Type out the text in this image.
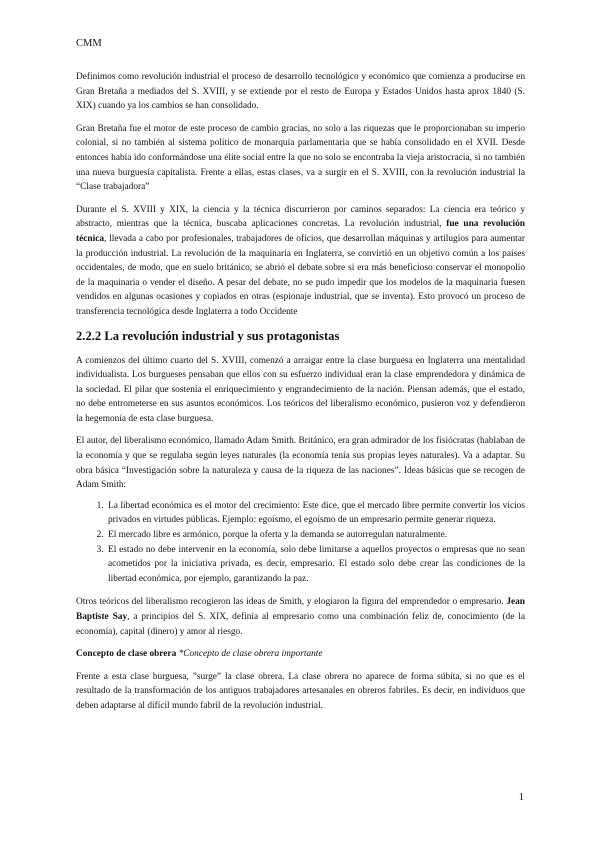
CMM

Definimos como revolución industrial el proceso de desarrollo tecnológico y económico que comienza a producirse en Gran Bretaña a mediados del S. XVIII, y se extiende por el resto de Europa y Estados Unidos hasta aprox 1840 (S. XIX) cuando ya los cambios se han consolidado.

Gran Bretaña fue el motor de este proceso de cambio gracias, no solo a las riquezas que le proporcionaban su imperio colonial, si no también al sistema político de monarquía parlamentaria que se había consolidado en el XVII. Desde entonces había ido conformándose una élite social entre la que no solo se encontraba la vieja aristocracia, si no también una nueva burguesía capitalista. Frente a ellas, estas clases, va a surgir en el S. XVIII, con la revolución industrial la “Clase trabajadora”

Durante el S. XVIII y XIX, la ciencia y la técnica discurrieron por caminos separados: La ciencia era teórico y abstracto, mientras que la técnica, buscaba aplicaciones concretas. La revolución industrial, fue una revolución técnica, llevada a cabo por profesionales, trabajadores de oficios, que desarrollan máquinas y artilugios para aumentar la producción industrial. La revolución de la maquinaria en Inglaterra, se convirtió en un objetivo común a los países occidentales, de modo, que en suelo británico, se abrió el debate sobre si era más beneficioso conservar el monopolio de la maquinaria o vender el diseño. A pesar del debate, no se pudo impedir que los modelos de la maquinaria fuesen vendidos en algunas ocasiones y copiados en otras (espionaje industrial, que se inventa). Esto provocó un proceso de transferencia tecnológica desde Inglaterra a todo Occidente

2.2.2 La revolución industrial y sus protagonistas

A comienzos del último cuarto del S. XVIII, comenzó a arraigar entre la clase burguesa en Inglaterra una mentalidad individualista. Los burgueses pensaban que ellos con su esfuerzo individual eran la clase emprendedora y dinámica de la sociedad. El pilar que sostenía el enriquecimiento y engrandecimiento de la nación. Piensan además, que el estado, no debe entrometerse en sus asuntos económicos. Los teóricos del liberalismo económico, pusieron voz y defendieron la hegemonía de esta clase burguesa.

El autor, del liberalismo económico, llamado Adam Smith. Británico, era gran admirador de los fisiócratas (hablaban de la economía y que se regulaba según leyes naturales (la economía tenía sus propias leyes naturales). Va a adaptar. Su obra básica “Investigación sobre la naturaleza y causa de la riqueza de las naciones”. Ideas básicas que se recogen de Adam Smith:

1. La libertad económica es el motor del crecimiento: Este dice, que el mercado libre permite convertir los vicios privados en virtudes públicas. Ejemplo: egoísmo, el egoísmo de un empresario permite generar riqueza.
2. El mercado libre es armónico, porque la oferta y la demanda se autorregulan naturalmente.
3. El estado no debe intervenir en la economía, solo debe limitarse a aquellos proyectos o empresas que no sean acometidos por la iniciativa privada, es decir, empresario. El estado solo debe crear las condiciones de la libertad económica, por ejemplo, garantizando la paz.

Otros teóricos del liberalismo recogieron las ideas de Smith, y elogiaron la figura del emprendedor o empresario. Jean Baptiste Say, a principios del S. XIX, definía al empresario como una combinación feliz de, conocimiento (de la economía), capital (dinero) y amor al riesgo.

Concepto de clase obrera *Concepto de clase obrera importante

Frente a esta clase burguesa, ”surge” la clase obrera. La clase obrera no aparece de forma súbita, si no que es el resultado de la transformación de los antiguos trabajadores artesanales en obreros fabriles. Es decir, en individuos que deben adaptarse al difícil mundo fabril de la revolución industrial.

1
